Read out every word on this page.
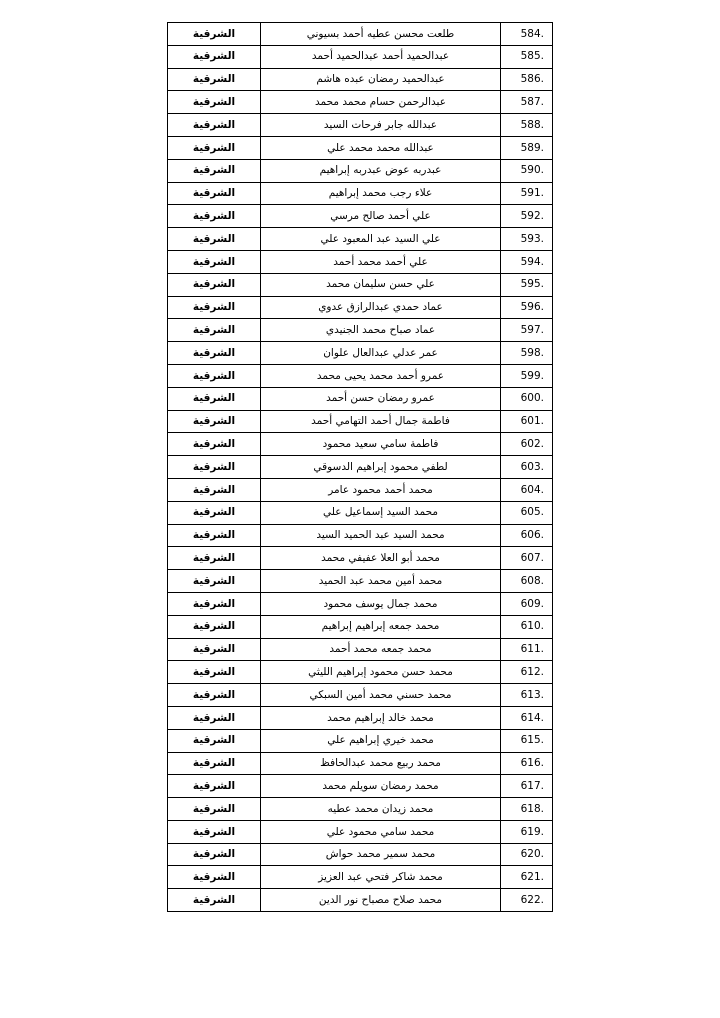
الشرقية	طلعت محسن عطيه أحمد بسيوني	584.
الشرقية	عبدالحميد أحمد عبدالحميد أحمد	585.
الشرقية	عبدالحميد رمضان عبده هاشم	586.
الشرقية	عبدالرحمن حسام محمد محمد	587.
الشرقية	عبدالله جابر فرحات السيد	588.
الشرقية	عبدالله محمد محمد علي	589.
الشرقية	عبدربه عوض عبدربه إبراهيم	590.
الشرقية	علاء رجب محمد إبراهيم	591.
الشرقية	علي أحمد صالح مرسي	592.
الشرقية	علي السيد عبد المعبود علي	593.
الشرقية	علي أحمد محمد أحمد	594.
الشرقية	علي حسن سليمان محمد	595.
الشرقية	عماد حمدي عبدالرازق عدوي	596.
الشرقية	عماد صباح محمد الجنيدي	597.
الشرقية	عمر عدلي عبدالعال علوان	598.
الشرقية	عمرو أحمد محمد يحيى محمد	599.
الشرقية	عمرو رمضان حسن أحمد	600.
الشرقية	فاطمة جمال أحمد التهامي أحمد	601.
الشرقية	فاطمة سامي سعيد محمود	602.
الشرقية	لطفي محمود إبراهيم الدسوقي	603.
الشرقية	محمد أحمد محمود عامر	604.
الشرقية	محمد السيد إسماعيل علي	605.
الشرقية	محمد السيد عبد الحميد السيد	606.
الشرقية	محمد أبو العلا عفيفي محمد	607.
الشرقية	محمد أمين محمد عبد الحميد	608.
الشرقية	محمد جمال يوسف محمود	609.
الشرقية	محمد جمعه إبراهيم إبراهيم	610.
الشرقية	محمد جمعه محمد أحمد	611.
الشرقية	محمد حسن محمود إبراهيم الليثي	612.
الشرقية	محمد حسني محمد أمين السبكي	613.
الشرقية	محمد خالد إبراهيم محمد	614.
الشرقية	محمد خيري إبراهيم علي	615.
الشرقية	محمد ربيع محمد عبدالحافظ	616.
الشرقية	محمد رمضان سويلم محمد	617.
الشرقية	محمد زيدان محمد عطيه	618.
الشرقية	محمد سامي محمود علي	619.
الشرقية	محمد سمير محمد حواش	620.
الشرقية	محمد شاكر فتحي عبد العزيز	621.
الشرقية	محمد صلاح مصباح نور الدين	622.
